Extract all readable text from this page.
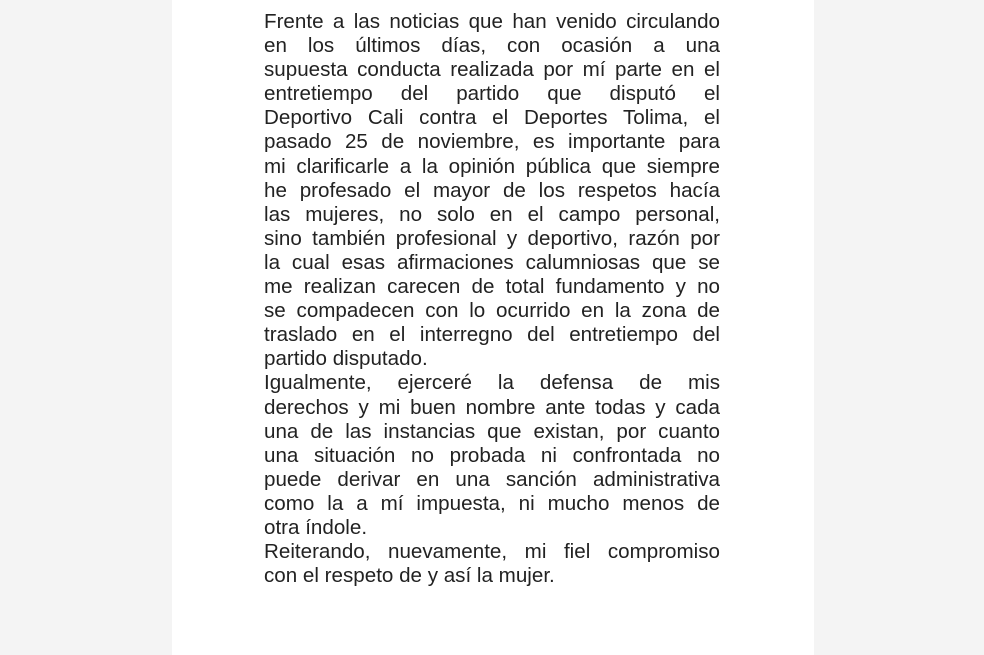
Frente a las noticias que han venido circulando
en los últimos días, con ocasión a una
supuesta conducta realizada por mí parte en el
entretiempo del partido que disputó el
Deportivo Cali contra el Deportes Tolima, el
pasado 25 de noviembre, es importante para
mi clarificarle a la opinión pública que siempre
he profesado el mayor de los respetos hacía
las mujeres, no solo en el campo personal,
sino también profesional y deportivo, razón por
la cual esas afirmaciones calumniosas que se
me realizan carecen de total fundamento y no
se compadecen con lo ocurrido en la zona de
traslado en el interregno del entretiempo del
partido disputado.
Igualmente, ejerceré la defensa de mis
derechos y mi buen nombre ante todas y cada
una de las instancias que existan, por cuanto
una situación no probada ni confrontada no
puede derivar en una sanción administrativa
como la a mí impuesta, ni mucho menos de
otra índole.
Reiterando, nuevamente, mi fiel compromiso
con el respeto de y así la mujer.
